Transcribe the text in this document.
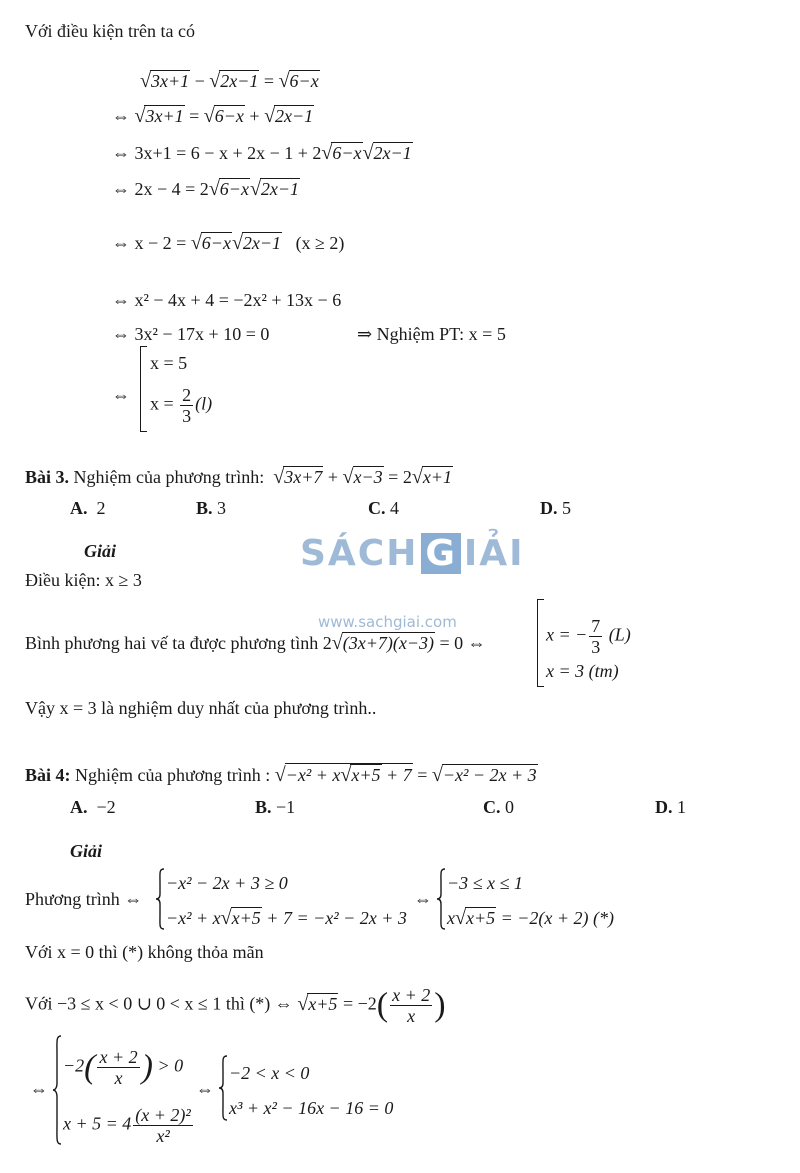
Với điều kiện trên ta có
√3x+1 − √2x−1 = √6−x
⇔ √3x+1 = √6−x + √2x−1
⇔ 3x+1 = 6 − x + 2x − 1 + 2√6−x√2x−1
⇔ 2x − 4 = 2√6−x√2x−1
⇔ x − 2 = √6−x√2x−1 (x ≥ 2)
⇔ x² − 4x + 4 = −2x² + 13x − 6
⇔ 3x² − 17x + 10 = 0	⇒ Nghiệm PT: x = 5
⇔
x = 5
$x = \frac{2}{3} (l)$
Bài 3. Nghiệm của phương trình: √3x+7 + √x−3 = 2√x+1
A. 2	B. 3	C. 4	D. 5
Giải
Điều kiện: x ≥ 3
SÁCH G IẢI
www.sachgiai.com
Bình phương hai vế ta được phương tình 2√(3x+7)(x−3) = 0 ⇔	x = − $\frac{7}{3} (L)$
x = 3 (tm)
Vậy x = 3 là nghiệm duy nhất của phương trình..
Bài 4: Nghiệm của phương trình : √−x² + x√x+5 + 7 = √−x² − 2x + 3
A. −2	B. −1	C. 0	D. 1
Giải
Phương trình ⇔
−x² − 2x + 3 ≥ 0
−x² + x√x+5 + 7 = −x² − 2x + 3
⇔
−3 ≤ x ≤ 1
x√x+5 = −2(x + 2) (*)
Với x = 0 thì (*) không thỏa mãn
Với −3 ≤ x < 0 ∪ 0 < x ≤ 1 thì (*) ⇔ $√x+5 = -2( \frac{x + 2}{x}$ )
⇔
$-2( \frac{x + 2}{x}$ ) > 0
$x + 5 = 4 \frac{\text{(x + 2)²}}{\text{x²}}$
⇔
−2 < x < 0
x³ + x² − 16x − 16 = 0
